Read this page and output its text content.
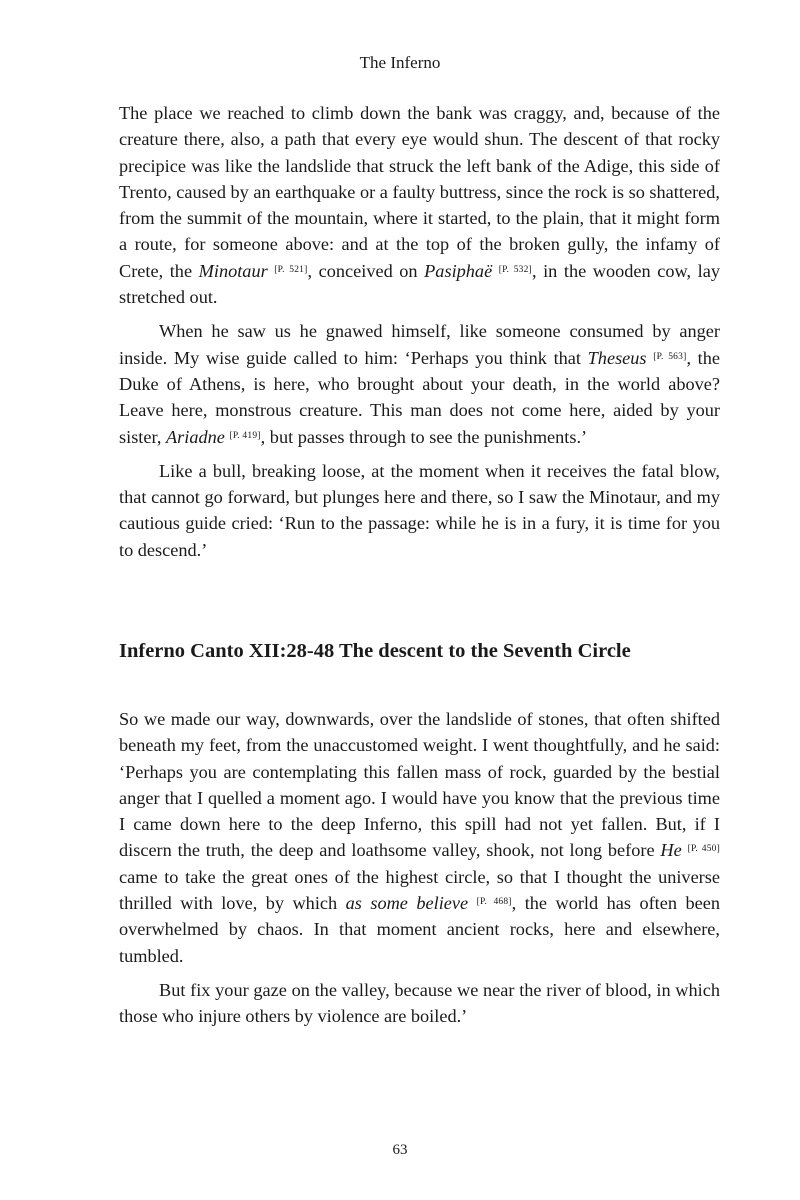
The Inferno

The place we reached to climb down the bank was craggy, and, because of the creature there, also, a path that every eye would shun. The descent of that rocky precipice was like the landslide that struck the left bank of the Adige, this side of Trento, caused by an earthquake or a faulty buttress, since the rock is so shattered, from the summit of the mountain, where it started, to the plain, that it might form a route, for someone above: and at the top of the broken gully, the infamy of Crete, the Minotaur [P. 521], conceived on Pasiphaë [P. 532], in the wooden cow, lay stretched out.

When he saw us he gnawed himself, like someone consumed by anger inside. My wise guide called to him: ‘Perhaps you think that Theseus [P. 563], the Duke of Athens, is here, who brought about your death, in the world above? Leave here, monstrous creature. This man does not come here, aided by your sister, Ariadne [P. 419], but passes through to see the punishments.’

Like a bull, breaking loose, at the moment when it receives the fatal blow, that cannot go forward, but plunges here and there, so I saw the Minotaur, and my cautious guide cried: ‘Run to the passage: while he is in a fury, it is time for you to descend.’

Inferno Canto XII:28-48 The descent to the Seventh Circle

So we made our way, downwards, over the landslide of stones, that often shifted beneath my feet, from the unaccustomed weight. I went thoughtfully, and he said: ‘Perhaps you are contemplating this fallen mass of rock, guarded by the bestial anger that I quelled a moment ago. I would have you know that the previous time I came down here to the deep Inferno, this spill had not yet fallen. But, if I discern the truth, the deep and loathsome valley, shook, not long before He [P. 450] came to take the great ones of the highest circle, so that I thought the universe thrilled with love, by which as some believe [P. 468], the world has often been overwhelmed by chaos. In that moment ancient rocks, here and elsewhere, tumbled.

But fix your gaze on the valley, because we near the river of blood, in which those who injure others by violence are boiled.’

63
